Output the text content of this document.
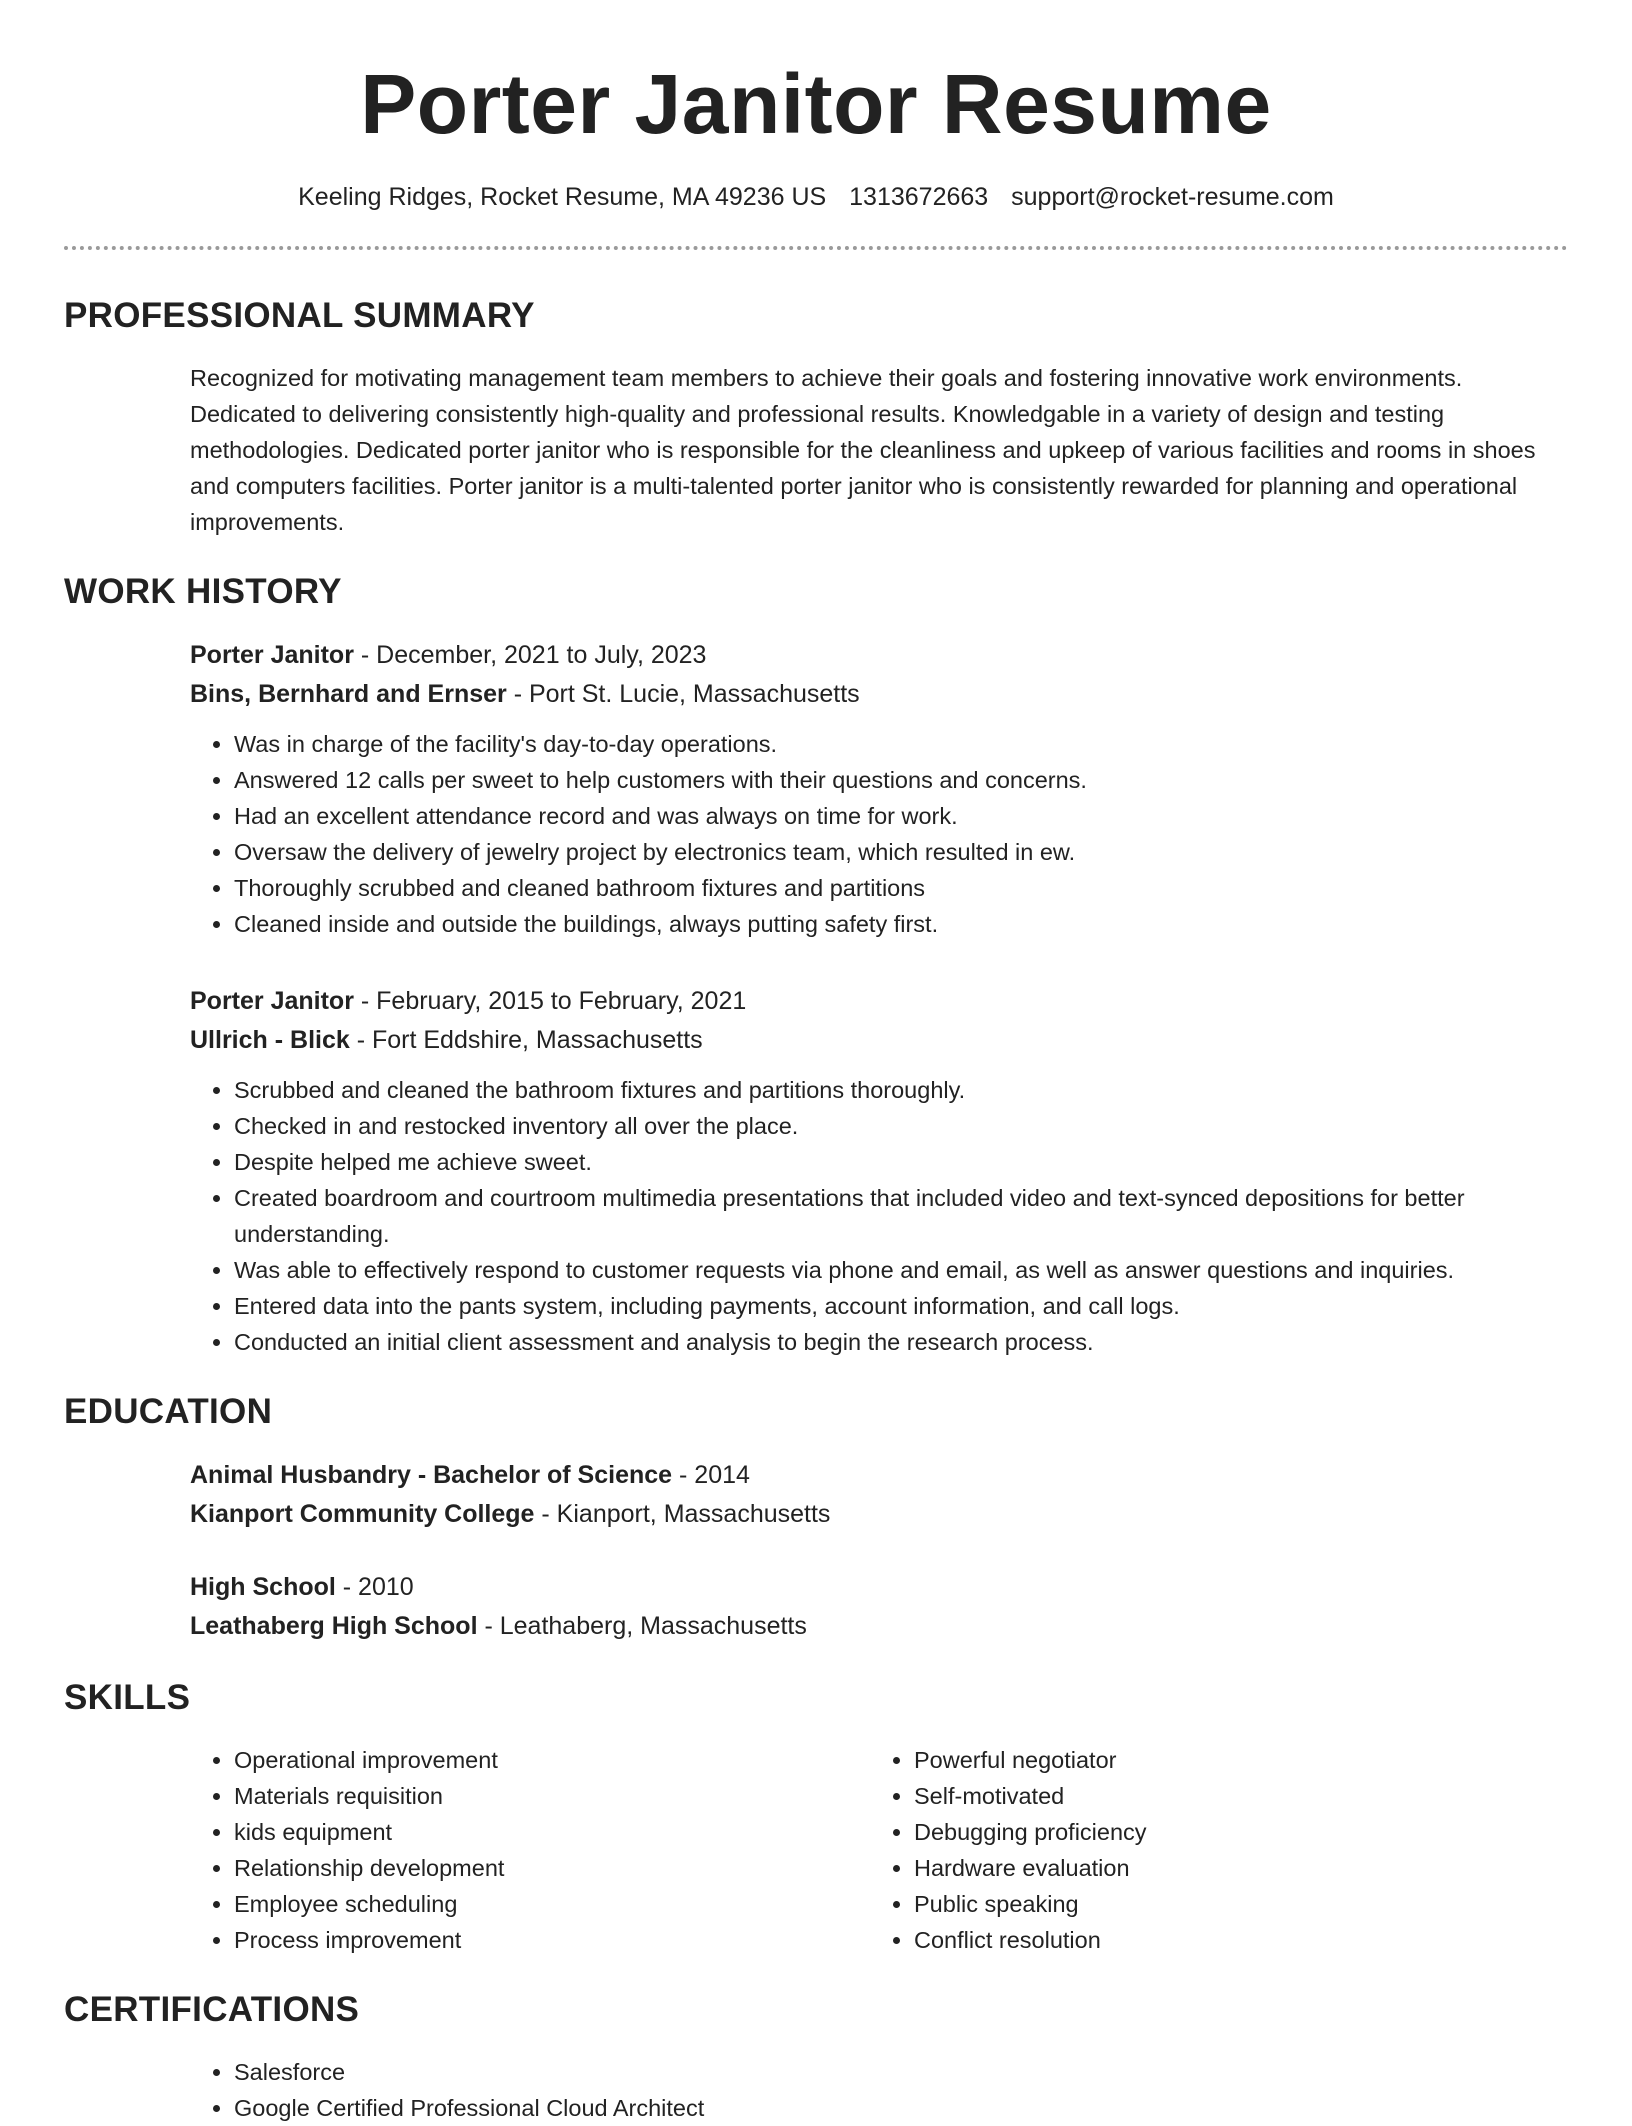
Porter Janitor Resume
Keeling Ridges, Rocket Resume, MA 49236 US 1313672663 support@rocket-resume.com
PROFESSIONAL SUMMARY
Recognized for motivating management team members to achieve their goals and fostering innovative work environments. Dedicated to delivering consistently high-quality and professional results. Knowledgable in a variety of design and testing methodologies. Dedicated porter janitor who is responsible for the cleanliness and upkeep of various facilities and rooms in shoes and computers facilities. Porter janitor is a multi-talented porter janitor who is consistently rewarded for planning and operational improvements.
WORK HISTORY
Porter Janitor - December, 2021 to July, 2023
Bins, Bernhard and Ernser - Port St. Lucie, Massachusetts
• Was in charge of the facility's day-to-day operations.
• Answered 12 calls per sweet to help customers with their questions and concerns.
• Had an excellent attendance record and was always on time for work.
• Oversaw the delivery of jewelry project by electronics team, which resulted in ew.
• Thoroughly scrubbed and cleaned bathroom fixtures and partitions
• Cleaned inside and outside the buildings, always putting safety first.
Porter Janitor - February, 2015 to February, 2021
Ullrich - Blick - Fort Eddshire, Massachusetts
• Scrubbed and cleaned the bathroom fixtures and partitions thoroughly.
• Checked in and restocked inventory all over the place.
• Despite helped me achieve sweet.
• Created boardroom and courtroom multimedia presentations that included video and text-synced depositions for better understanding.
• Was able to effectively respond to customer requests via phone and email, as well as answer questions and inquiries.
• Entered data into the pants system, including payments, account information, and call logs.
• Conducted an initial client assessment and analysis to begin the research process.
EDUCATION
Animal Husbandry - Bachelor of Science - 2014
Kianport Community College - Kianport, Massachusetts
High School - 2010
Leathaberg High School - Leathaberg, Massachusetts
SKILLS
• Operational improvement
• Materials requisition
• kids equipment
• Relationship development
• Employee scheduling
• Process improvement
• Powerful negotiator
• Self-motivated
• Debugging proficiency
• Hardware evaluation
• Public speaking
• Conflict resolution
CERTIFICATIONS
• Salesforce
• Google Certified Professional Cloud Architect
